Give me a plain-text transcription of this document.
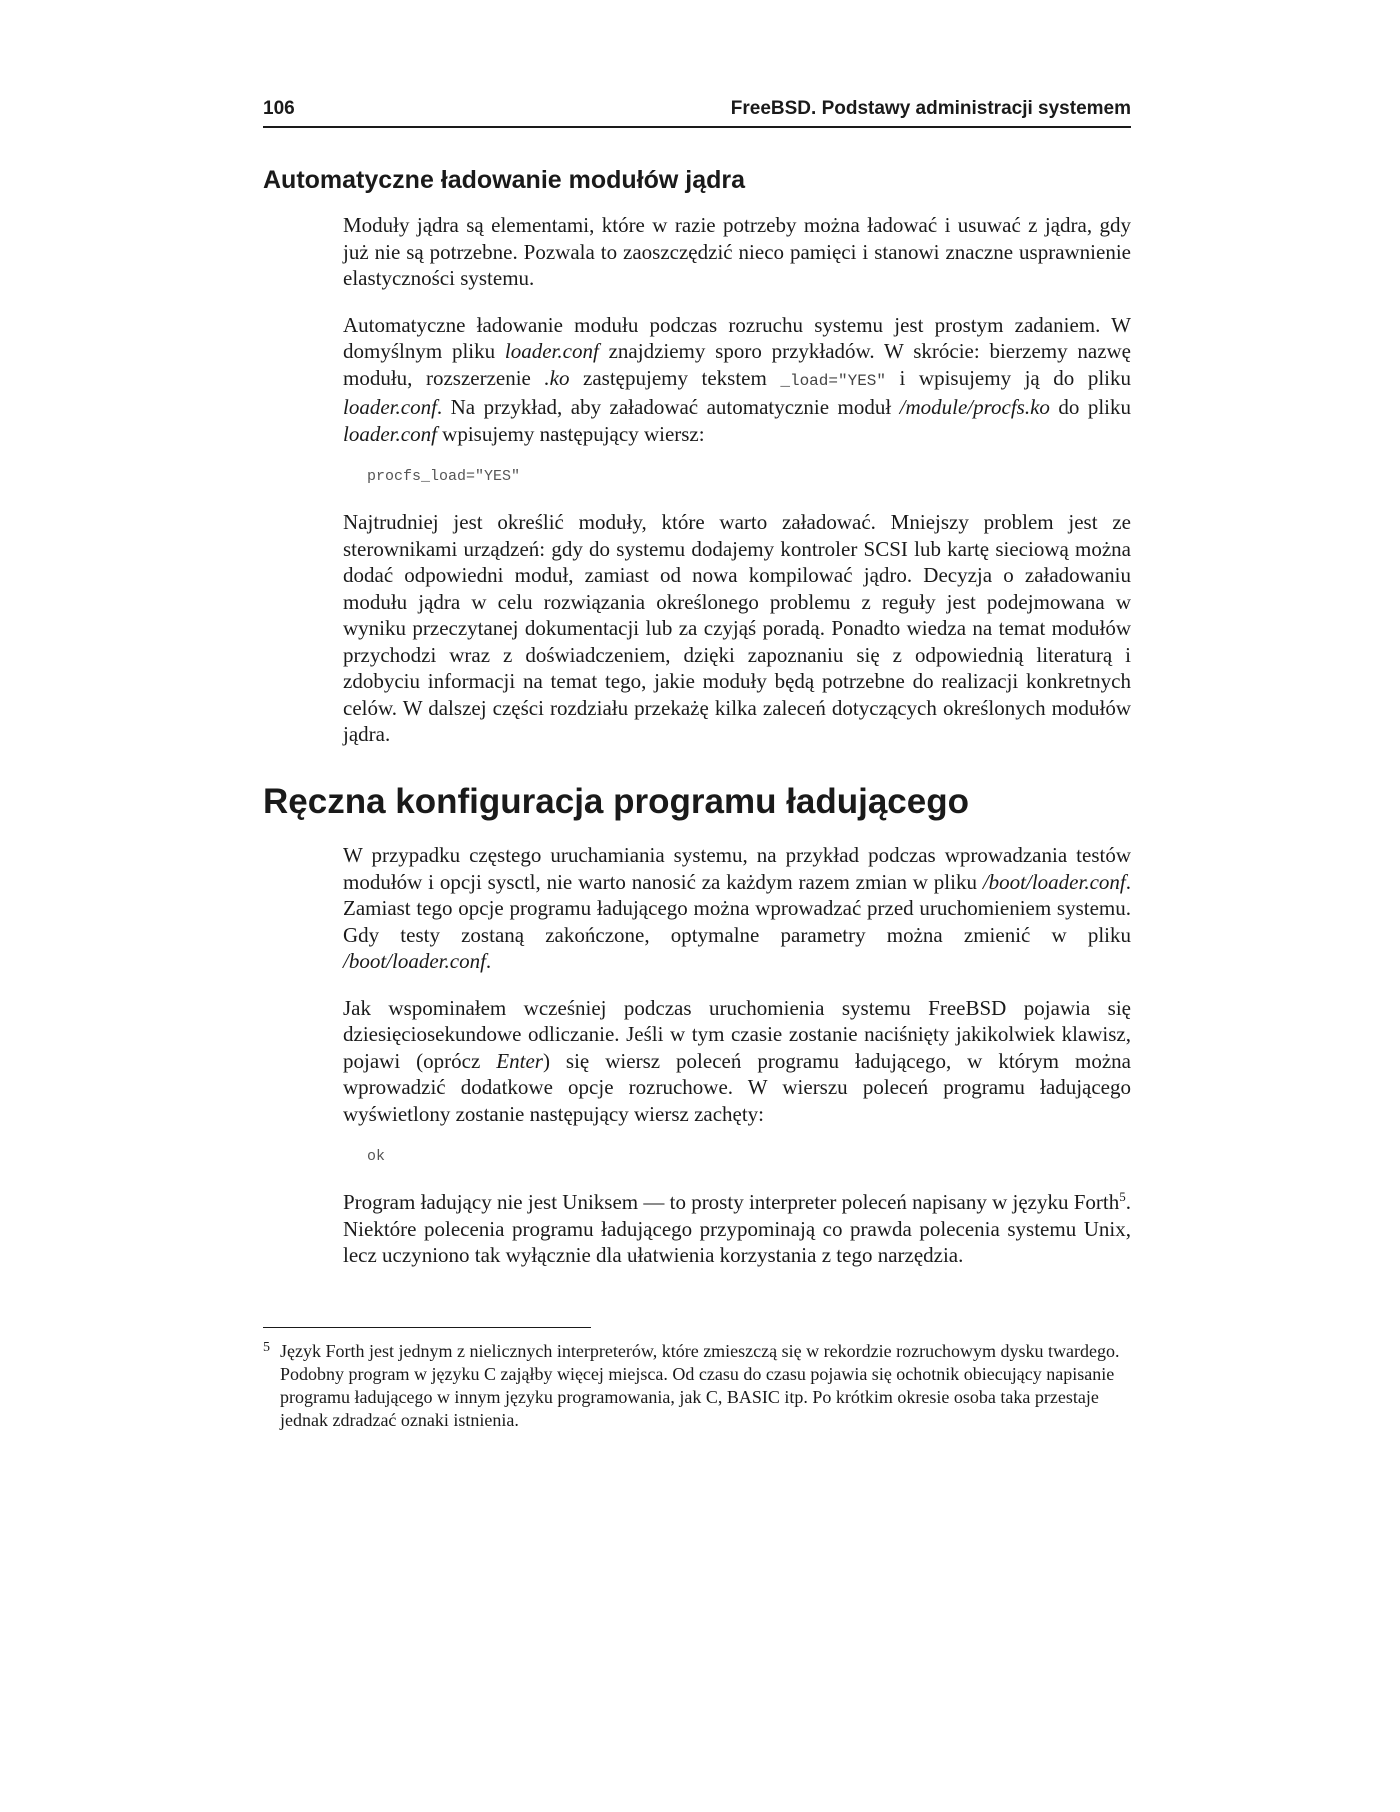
106	FreeBSD. Podstawy administracji systemem
Automatyczne ładowanie modułów jądra

Moduły jądra są elementami, które w razie potrzeby można ładować i usuwać z jądra, gdy już nie są potrzebne. Pozwala to zaoszczędzić nieco pamięci i stanowi znaczne usprawnienie elastyczności systemu.

Automatyczne ładowanie modułu podczas rozruchu systemu jest prostym zadaniem. W domyślnym pliku loader.conf znajdziemy sporo przykładów. W skrócie: bierzemy nazwę modułu, rozszerzenie .ko zastępujemy tekstem _load="YES" i wpisujemy ją do pliku loader.conf. Na przykład, aby załadować automatycznie moduł /module/procfs.ko do pliku loader.conf wpisujemy następujący wiersz:

procfs_load="YES"

Najtrudniej jest określić moduły, które warto załadować. Mniejszy problem jest ze sterownikami urządzeń: gdy do systemu dodajemy kontroler SCSI lub kartę sieciową można dodać odpowiedni moduł, zamiast od nowa kompilować jądro. Decyzja o załadowaniu modułu jądra w celu rozwiązania określonego problemu z reguły jest podejmowana w wyniku przeczytanej dokumentacji lub za czyjąś poradą. Ponadto wiedza na temat modułów przychodzi wraz z doświadczeniem, dzięki zapoznaniu się z odpowiednią literaturą i zdobyciu informacji na temat tego, jakie moduły będą potrzebne do realizacji konkretnych celów. W dalszej części rozdziału przekażę kilka zaleceń dotyczących określonych modułów jądra.

Ręczna konfiguracja programu ładującego

W przypadku częstego uruchamiania systemu, na przykład podczas wprowadzania testów modułów i opcji sysctl, nie warto nanosić za każdym razem zmian w pliku /boot/loader.conf. Zamiast tego opcje programu ładującego można wprowadzać przed uruchomieniem systemu. Gdy testy zostaną zakończone, optymalne parametry można zmienić w pliku /boot/loader.conf.

Jak wspominałem wcześniej podczas uruchomienia systemu FreeBSD pojawia się dziesięciosekundowe odliczanie. Jeśli w tym czasie zostanie naciśnięty jakikolwiek klawisz, pojawi (oprócz Enter) się wiersz poleceń programu ładującego, w którym można wprowadzić dodatkowe opcje rozruchowe. W wierszu poleceń programu ładującego wyświetlony zostanie następujący wiersz zachęty:

ok

Program ładujący nie jest Uniksem — to prosty interpreter poleceń napisany w języku Forth$^5$. Niektóre polecenia programu ładującego przypominają co prawda polecenia systemu Unix, lecz uczyniono tak wyłącznie dla ułatwienia korzystania z tego narzędzia.

5 Język Forth jest jednym z nielicznych interpreterów, które zmieszczą się w rekordzie rozruchowym dysku twardego. Podobny program w języku C zająłby więcej miejsca. Od czasu do czasu pojawia się ochotnik obiecujący napisanie programu ładującego w innym języku programowania, jak C, BASIC itp. Po krótkim okresie osoba taka przestaje jednak zdradzać oznaki istnienia.
